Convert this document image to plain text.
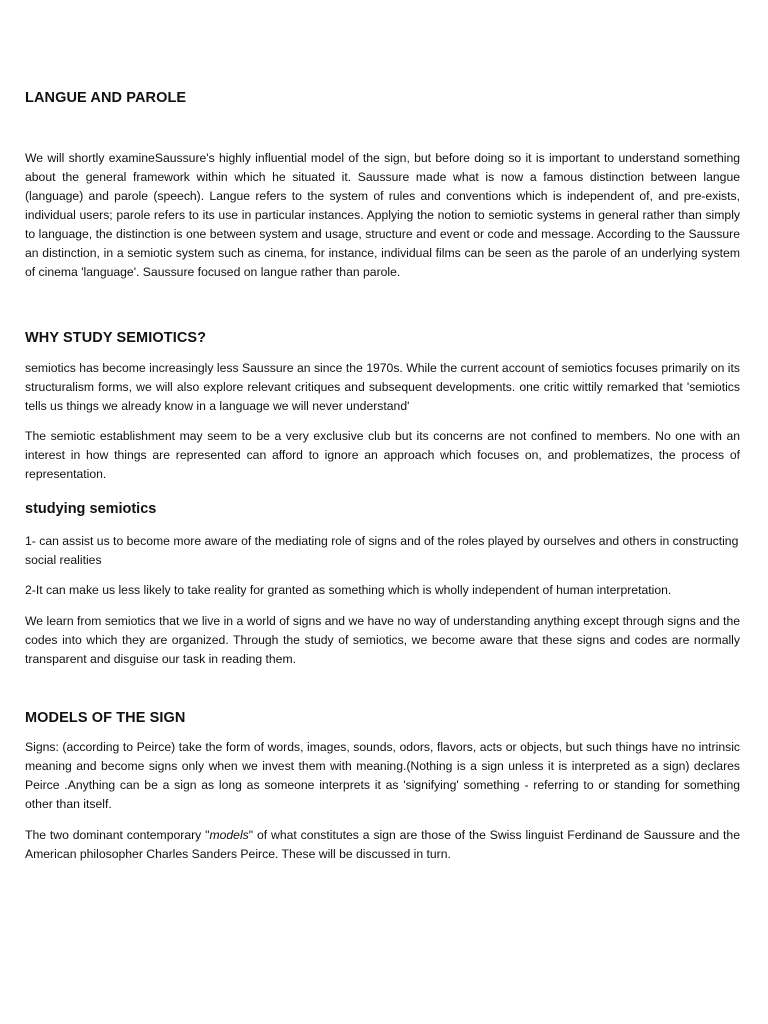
LANGUE AND PAROLE

We will shortly examineSaussure's highly influential model of the sign, but before doing so it is important to understand something about the general framework within which he situated it. Saussure made what is now a famous distinction between langue (language) and parole (speech). Langue refers to the system of rules and conventions which is independent of, and pre-exists, individual users; parole refers to its use in particular instances. Applying the notion to semiotic systems in general rather than simply to language, the distinction is one between system and usage, structure and event or code and message. According to the Saussure an distinction, in a semiotic system such as cinema, for instance, individual films can be seen as the parole of an underlying system of cinema 'language'. Saussure focused on langue rather than parole.

WHY STUDY SEMIOTICS?

semiotics has become increasingly less Saussure an since the 1970s. While the current account of semiotics focuses primarily on its structuralism forms, we will also explore relevant critiques and subsequent developments. one critic wittily remarked that 'semiotics tells us things we already know in a language we will never understand'

The semiotic establishment may seem to be a very exclusive club but its concerns are not confined to members. No one with an interest in how things are represented can afford to ignore an approach which focuses on, and problematizes, the process of representation.

studying semiotics

1- can assist us to become more aware of the mediating role of signs and of the roles played by ourselves and others in constructing social realities

2-It can make us less likely to take reality for granted as something which is wholly independent of human interpretation.

We learn from semiotics that we live in a world of signs and we have no way of understanding anything except through signs and the codes into which they are organized. Through the study of semiotics, we become aware that these signs and codes are normally transparent and disguise our task in reading them.

MODELS OF THE SIGN

Signs: (according to Peirce) take the form of words, images, sounds, odors, flavors, acts or objects, but such things have no intrinsic meaning and become signs only when we invest them with meaning.(Nothing is a sign unless it is interpreted as a sign) declares Peirce .Anything can be a sign as long as someone interprets it as 'signifying' something - referring to or standing for something other than itself.

The two dominant contemporary "models" of what constitutes a sign are those of the Swiss linguist Ferdinand de Saussure and the American philosopher Charles Sanders Peirce. These will be discussed in turn.
